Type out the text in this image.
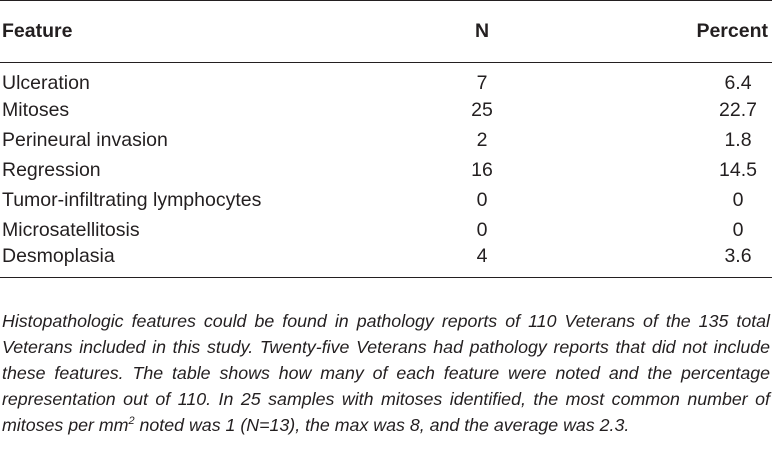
Feature	N	Percent
Ulceration	7	6.4
Mitoses	25	22.7
Perineural invasion	2	1.8
Regression	16	14.5
Tumor-infiltrating lymphocytes	0	0
Microsatellitosis	0	0
Desmoplasia	4	3.6

Histopathologic features could be found in pathology reports of 110 Veterans of the 135 total Veterans included in this study. Twenty-five Veterans had pathology reports that did not include these features. The table shows how many of each feature were noted and the percentage representation out of 110. In 25 samples with mitoses identified, the most common number of mitoses per $mm^2$ noted was 1 (N=13), the max was 8, and the average was 2.3.
